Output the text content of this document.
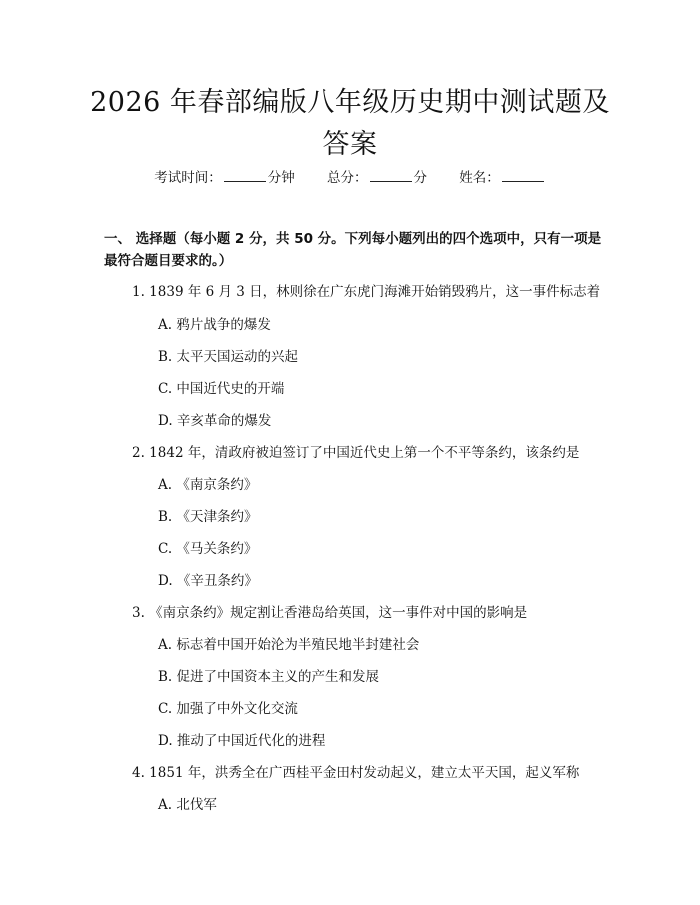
2026 年春部编版八年级历史期中测试题及答案
考试时间：	分钟 总分：	分 姓名：
一、 选择题（每小题 2 分，共 50 分。下列每小题列出的四个选项中，只有一项是最符合题目要求的。）
1. 1839 年 6 月 3 日，林则徐在广东虎门海滩开始销毁鸦片，这一事件标志着
A. 鸦片战争的爆发
B. 太平天国运动的兴起
C. 中国近代史的开端
D. 辛亥革命的爆发
2. 1842 年，清政府被迫签订了中国近代史上第一个不平等条约，该条约是
A. 《南京条约》
B. 《天津条约》
C. 《马关条约》
D. 《辛丑条约》
3. 《南京条约》规定割让香港岛给英国，这一事件对中国的影响是
A. 标志着中国开始沦为半殖民地半封建社会
B. 促进了中国资本主义的产生和发展
C. 加强了中外文化交流
D. 推动了中国近代化的进程
4. 1851 年，洪秀全在广西桂平金田村发动起义，建立太平天国，起义军称
A. 北伐军
